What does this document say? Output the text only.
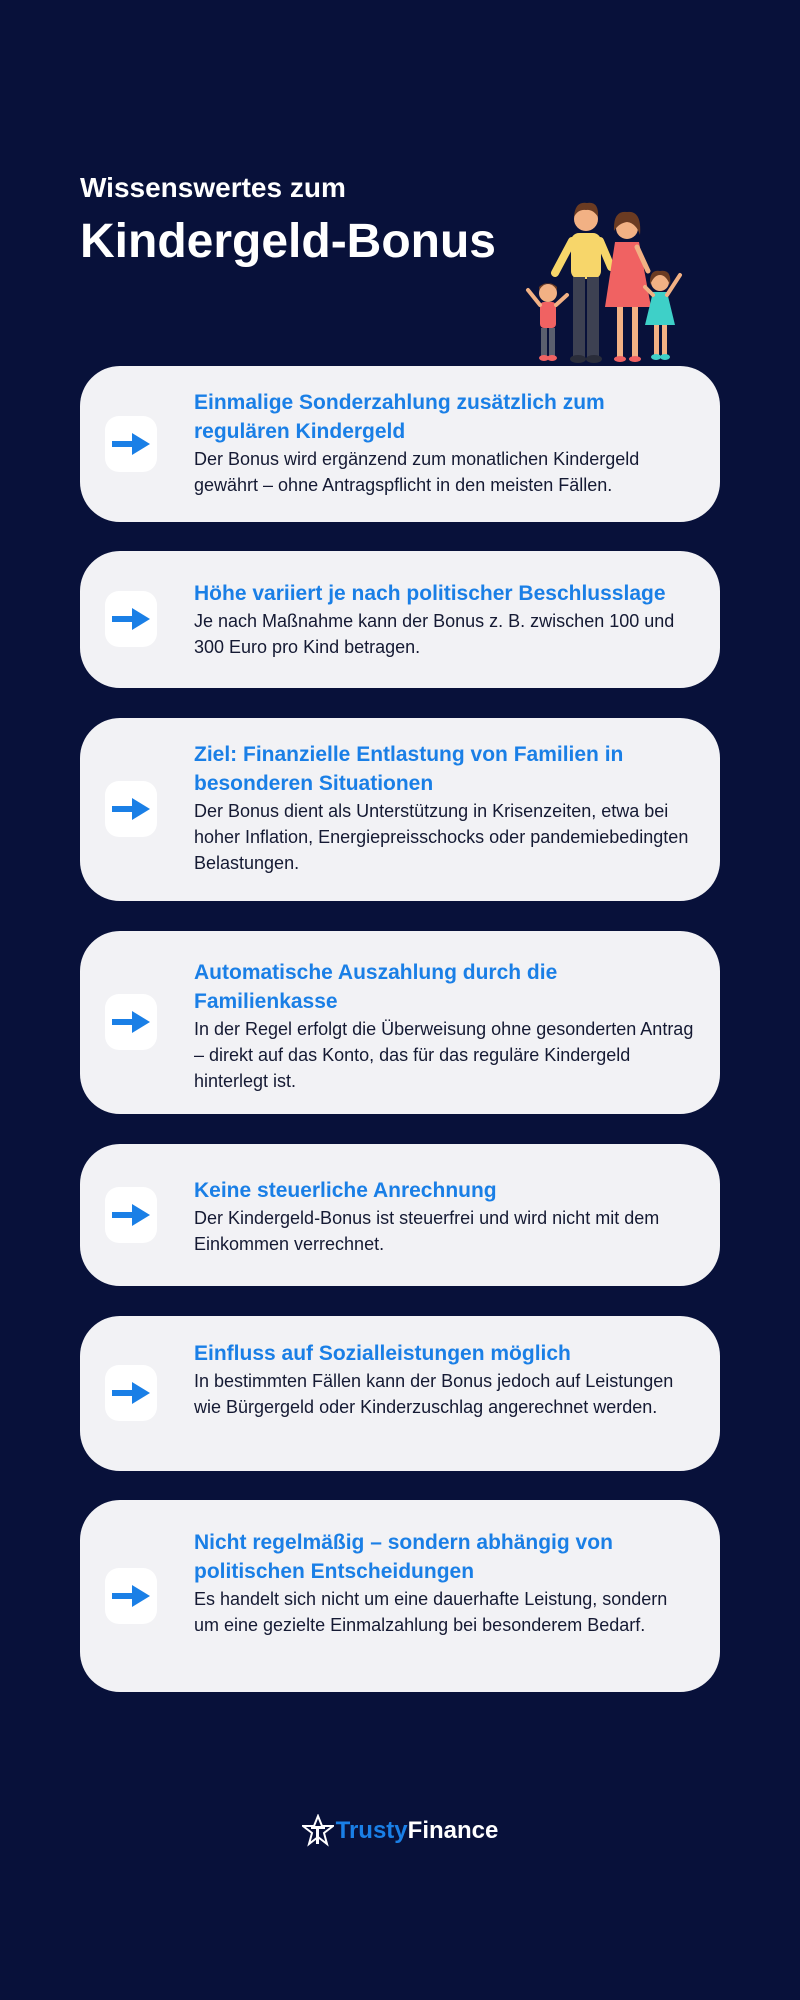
Wissenswertes zum
Kindergeld-Bonus
Einmalige Sonderzahlung zusätzlich zum regulären Kindergeld
Der Bonus wird ergänzend zum monatlichen Kindergeld gewährt – ohne Antragspflicht in den meisten Fällen.
Höhe variiert je nach politischer Beschlusslage
Je nach Maßnahme kann der Bonus z. B. zwischen 100 und 300 Euro pro Kind betragen.
Ziel: Finanzielle Entlastung von Familien in besonderen Situationen
Der Bonus dient als Unterstützung in Krisenzeiten, etwa bei hoher Inflation, Energiepreisschocks oder pandemiebedingten Belastungen.
Automatische Auszahlung durch die Familienkasse
In der Regel erfolgt die Überweisung ohne gesonderten Antrag – direkt auf das Konto, das für das reguläre Kindergeld hinterlegt ist.
Keine steuerliche Anrechnung
Der Kindergeld-Bonus ist steuerfrei und wird nicht mit dem Einkommen verrechnet.
Einfluss auf Sozialleistungen möglich
In bestimmten Fällen kann der Bonus jedoch auf Leistungen wie Bürgergeld oder Kinderzuschlag angerechnet werden.
Nicht regelmäßig – sondern abhängig von politischen Entscheidungen
Es handelt sich nicht um eine dauerhafte Leistung, sondern um eine gezielte Einmalzahlung bei besonderem Bedarf.
Trusty Finance
